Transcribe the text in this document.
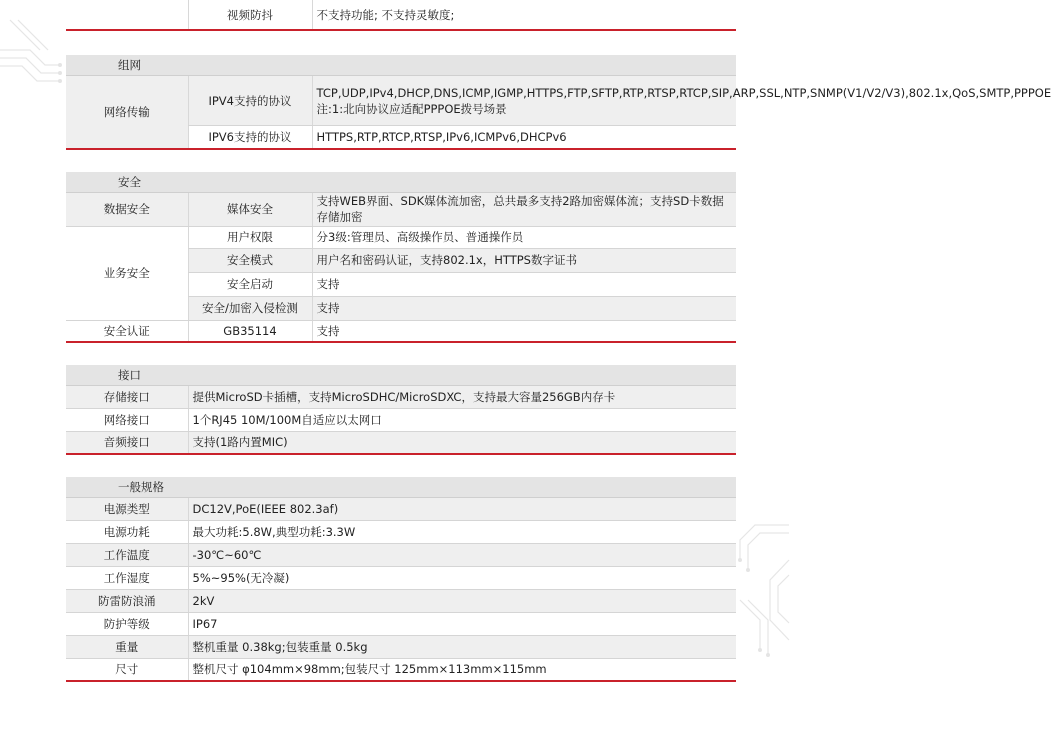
	视频防抖	不支持功能; 不支持灵敏度;
组网		
网络传输	IPV4支持的协议	TCP,UDP,IPv4,DHCP,DNS,ICMP,IGMP,HTTPS,FTP,SFTP,RTP,RTSP,RTCP,SIP,ARP,SSL,NTP,SNMP(V1/V2/V3),802.1x,QoS,SMTP,PPPOE 注:1:北向协议应适配PPPOE拨号场景
	IPV6支持的协议	HTTPS,RTP,RTCP,RTSP,IPv6,ICMPv6,DHCPv6
安全		
数据安全	媒体安全	支持WEB界面、SDK媒体流加密，总共最多支持2路加密媒体流；支持SD卡数据存储加密
业务安全	用户权限	分3级:管理员、高级操作员、普通操作员
	安全模式	用户名和密码认证，支持802.1x，HTTPS数字证书
	安全启动	支持
	安全/加密入侵检测	支持
安全认证	GB35114	支持
接口	
存储接口	提供MicroSD卡插槽，支持MicroSDHC/MicroSDXC，支持最大容量256GB内存卡
网络接口	1个RJ45 10M/100M自适应以太网口
音频接口	支持(1路内置MIC)
一般规格	
电源类型	DC12V,PoE(IEEE 802.3af)
电源功耗	最大功耗:5.8W,典型功耗:3.3W
工作温度	-30℃~60℃
工作湿度	5%~95%(无冷凝)
防雷防浪涌	2kV
防护等级	IP67
重量	整机重量 0.38kg;包装重量 0.5kg
尺寸	整机尺寸 φ104mm×98mm;包装尺寸 125mm×113mm×115mm
